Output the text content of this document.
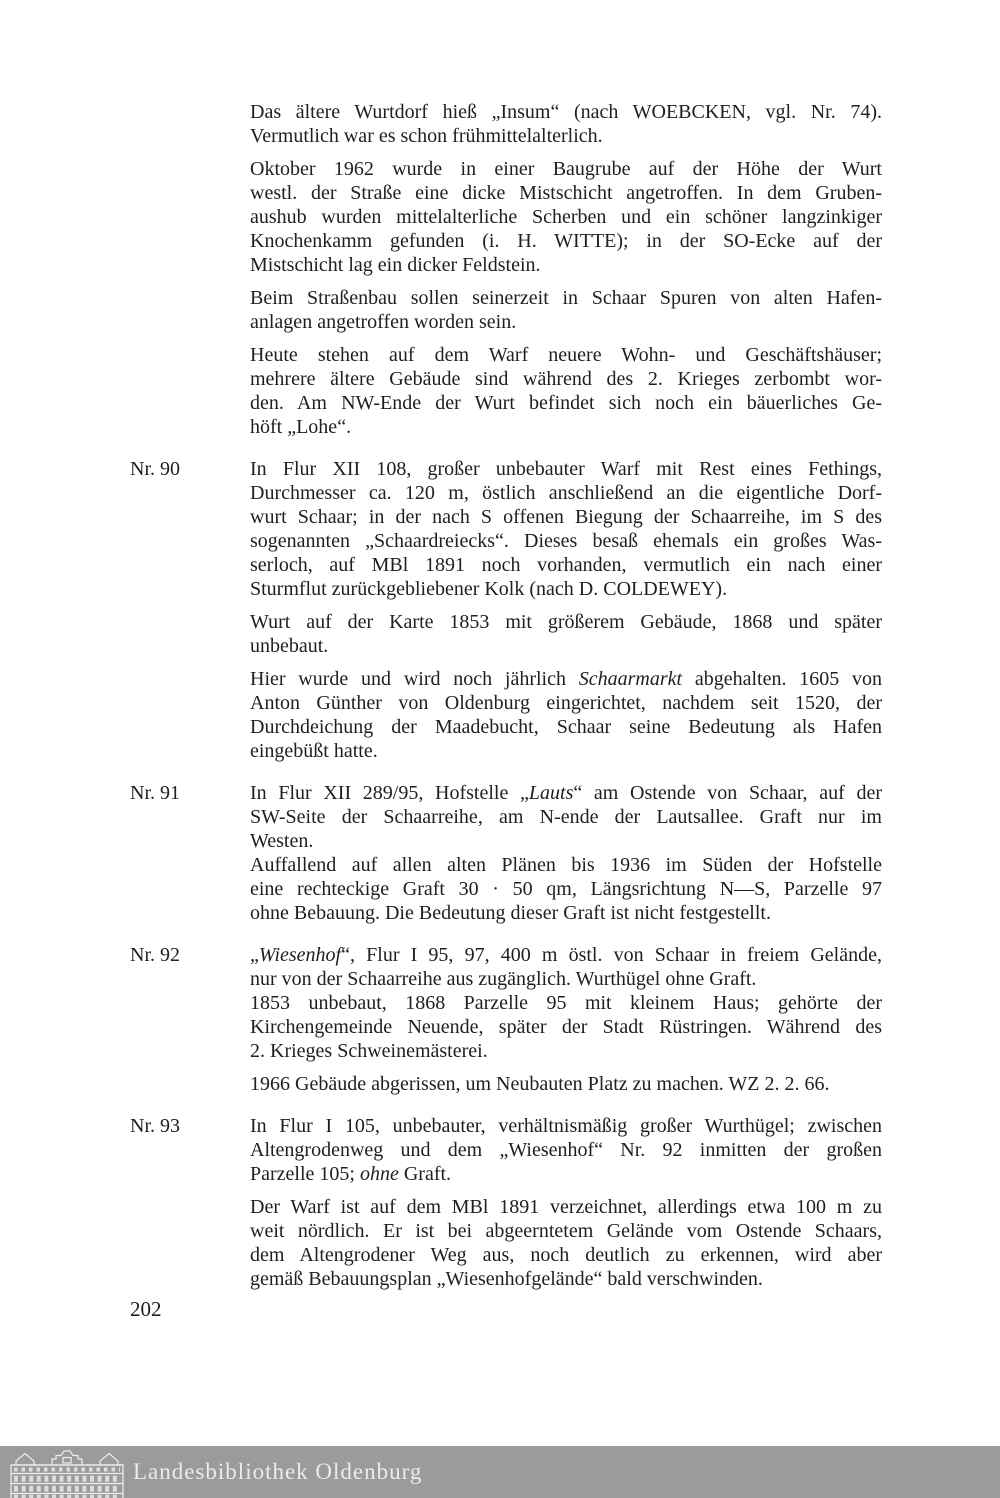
Das ältere Wurtdorf hieß „Insum“ (nach WOEBCKEN, vgl. Nr. 74).
Vermutlich war es schon frühmittelalterlich.
Oktober 1962 wurde in einer Baugrube auf der Höhe der Wurt
westl. der Straße eine dicke Mistschicht angetroffen. In dem Gruben-
aushub wurden mittelalterliche Scherben und ein schöner langzinkiger
Knochenkamm gefunden (i. H. WITTE); in der SO-Ecke auf der
Mistschicht lag ein dicker Feldstein.
Beim Straßenbau sollen seinerzeit in Schaar Spuren von alten Hafen-
anlagen angetroffen worden sein.
Heute stehen auf dem Warf neuere Wohn- und Geschäftshäuser;
mehrere ältere Gebäude sind während des 2. Krieges zerbombt wor-
den. Am NW-Ende der Wurt befindet sich noch ein bäuerliches Ge-
höft „Lohe“.
Nr. 90	In Flur XII 108, großer unbebauter Warf mit Rest eines Fethings,
Durchmesser ca. 120 m, östlich anschließend an die eigentliche Dorf-
wurt Schaar; in der nach S offenen Biegung der Schaarreihe, im S des
sogenannten „Schaardreiecks“. Dieses besaß ehemals ein großes Was-
serloch, auf MBl 1891 noch vorhanden, vermutlich ein nach einer
Sturmflut zurückgebliebener Kolk (nach D. COLDEWEY).
Wurt auf der Karte 1853 mit größerem Gebäude, 1868 und später
unbebaut.
Hier wurde und wird noch jährlich Schaarmarkt abgehalten. 1605 von
Anton Günther von Oldenburg eingerichtet, nachdem seit 1520, der
Durchdeichung der Maadebucht, Schaar seine Bedeutung als Hafen
eingebüßt hatte.
Nr. 91	In Flur XII 289/95, Hofstelle „Lauts“ am Ostende von Schaar, auf der
SW-Seite der Schaarreihe, am N-ende der Lautsallee. Graft nur im
Westen.
Auffallend auf allen alten Plänen bis 1936 im Süden der Hofstelle
eine rechteckige Graft 30 · 50 qm, Längsrichtung N—S, Parzelle 97
ohne Bebauung. Die Bedeutung dieser Graft ist nicht festgestellt.
Nr. 92	„Wiesenhof“, Flur I 95, 97, 400 m östl. von Schaar in freiem Gelände,
nur von der Schaarreihe aus zugänglich. Wurthügel ohne Graft.
1853 unbebaut, 1868 Parzelle 95 mit kleinem Haus; gehörte der
Kirchengemeinde Neuende, später der Stadt Rüstringen. Während des
2. Krieges Schweinemästerei.
1966 Gebäude abgerissen, um Neubauten Platz zu machen. WZ 2. 2. 66.
Nr. 93	In Flur I 105, unbebauter, verhältnismäßig großer Wurthügel; zwischen
Altengrodenweg und dem „Wiesenhof“ Nr. 92 inmitten der großen
Parzelle 105; ohne Graft.
Der Warf ist auf dem MBl 1891 verzeichnet, allerdings etwa 100 m zu
weit nördlich. Er ist bei abgeerntetem Gelände vom Ostende Schaars,
dem Altengrodener Weg aus, noch deutlich zu erkennen, wird aber
gemäß Bebauungsplan „Wiesenhofgelände“ bald verschwinden.
202
Landesbibliothek Oldenburg
